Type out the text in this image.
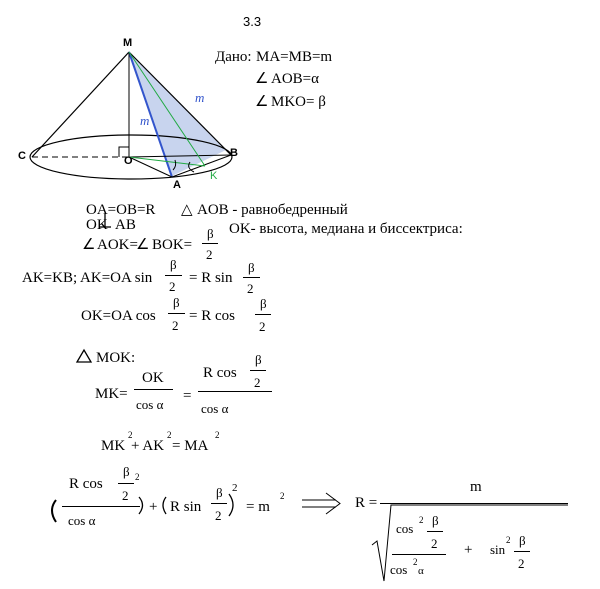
3.3
M
C	O
A
B
K
m
m
Дано: MA=MB=m
∠ AOB=α
∠ MKO= β
OA=OB=R △ AOB - равнобедренный
OK AB	OK- высота, медиана и биссектриса:
∠ AOK=
∠ BOK=
β
2
AK=KB; AK=OA sin
β
2
= R sin
β
2
OK=OA cos
β
2
= R cos
β
2
MOK:
MK=
OK
cos α
=
R cos
β
2
cos α
MK
2
+ AK
2
= MA
2
R cos
β 2
2
cos α
+ R sin
β
2
2
= m
2	R =
m
cos
2 β
2
cos 2
α
+ sin
2 β
2
